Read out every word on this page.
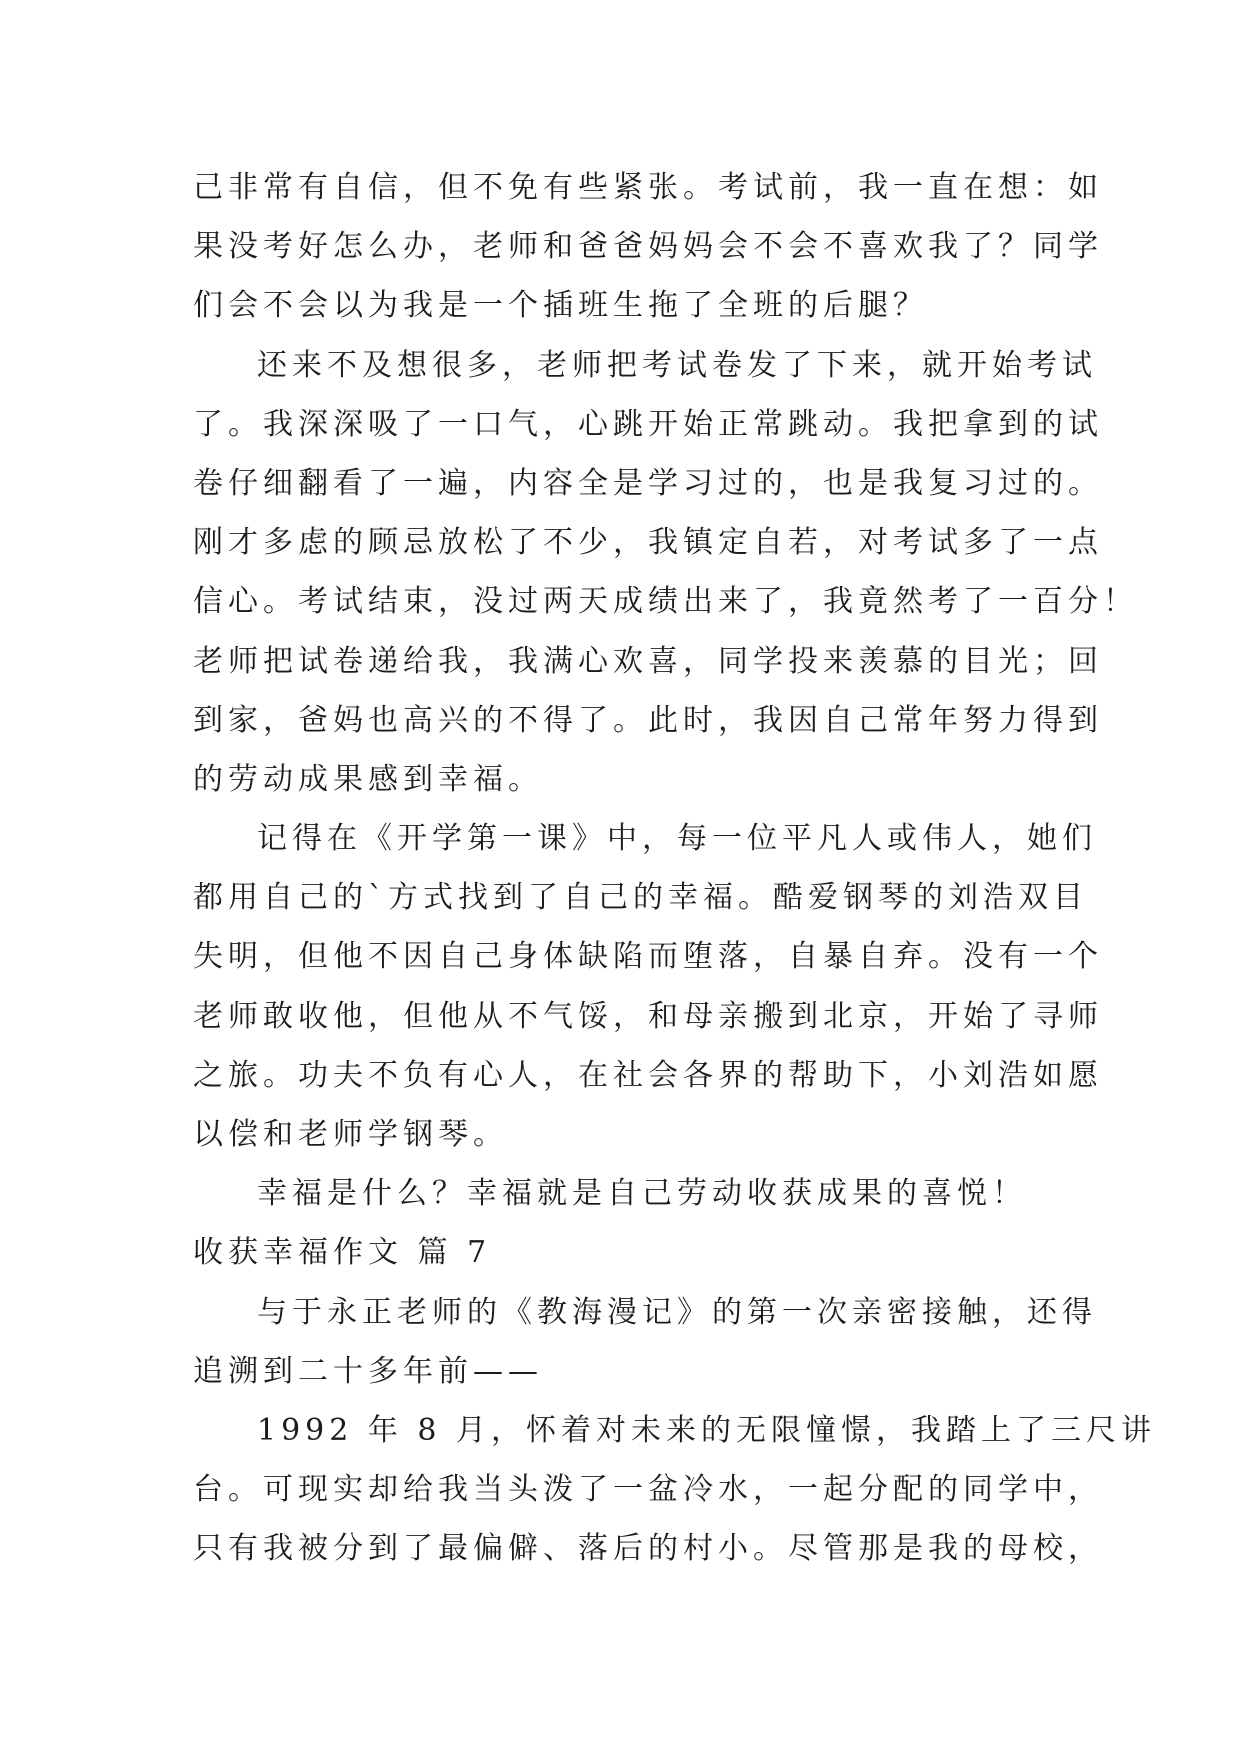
己非常有自信，但不免有些紧张。考试前，我一直在想：如
果没考好怎么办，老师和爸爸妈妈会不会不喜欢我了？同学
们会不会以为我是一个插班生拖了全班的后腿？
还来不及想很多，老师把考试卷发了下来，就开始考试
了。我深深吸了一口气，心跳开始正常跳动。我把拿到的试
卷仔细翻看了一遍，内容全是学习过的，也是我复习过的。
刚才多虑的顾忌放松了不少，我镇定自若，对考试多了一点
信心。考试结束，没过两天成绩出来了，我竟然考了一百分！
老师把试卷递给我，我满心欢喜，同学投来羡慕的目光；回
到家，爸妈也高兴的不得了。此时，我因自己常年努力得到
的劳动成果感到幸福。
记得在《开学第一课》中，每一位平凡人或伟人，她们
都用自己的`方式找到了自己的幸福。酷爱钢琴的刘浩双目
失明，但他不因自己身体缺陷而堕落，自暴自弃。没有一个
老师敢收他，但他从不气馁，和母亲搬到北京，开始了寻师
之旅。功夫不负有心人，在社会各界的帮助下，小刘浩如愿
以偿和老师学钢琴。
幸福是什么？幸福就是自己劳动收获成果的喜悦！
收获幸福作文 篇 7
与于永正老师的《教海漫记》的第一次亲密接触，还得
追溯到二十多年前——
1992 年 8 月，怀着对未来的无限憧憬，我踏上了三尺讲
台。可现实却给我当头泼了一盆冷水，一起分配的同学中，
只有我被分到了最偏僻、落后的村小。尽管那是我的母校，
